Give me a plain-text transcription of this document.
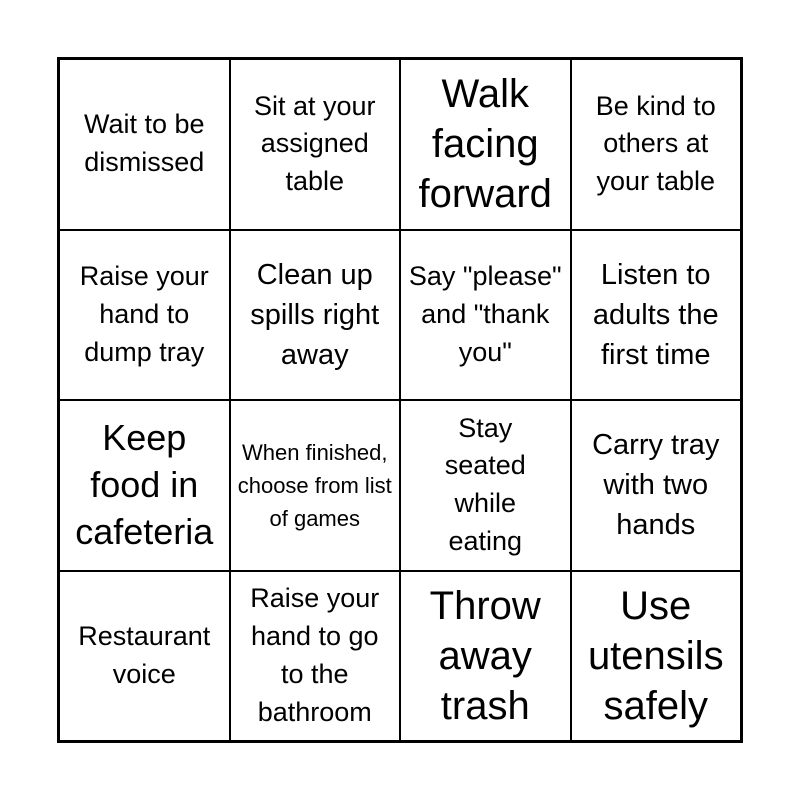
Wait to be dismissed
Sit at your assigned table
Walk facing forward
Be kind to others at your table
Raise your hand to dump tray
Clean up spills right away
Say "please" and "thank you"
Listen to adults the first time
Keep food in cafeteria
When finished, choose from list of games
Stay seated while eating
Carry tray with two hands
Restaurant voice
Raise your hand to go to the bathroom
Throw away trash
Use utensils safely
